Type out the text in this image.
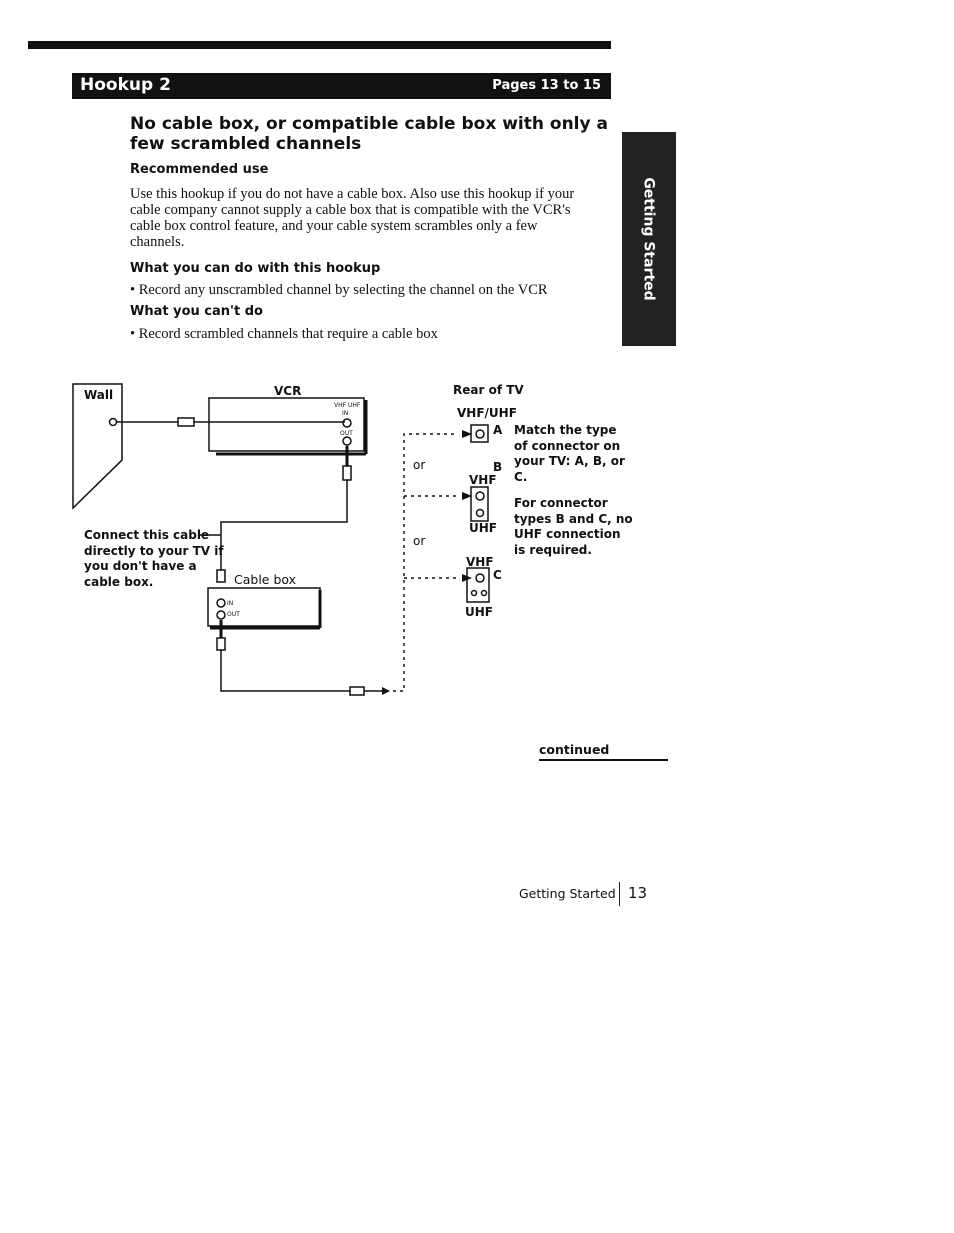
Hookup 2	Pages 13 to 15
Getting Started
No cable box, or compatible cable box with only a
few scrambled channels
Recommended use
Use this hookup if you do not have a cable box. Also use this hookup if your
cable company cannot supply a cable box that is compatible with the VCR's
cable box control feature, and your cable system scrambles only a few
channels.
What you can do with this hookup
• Record any unscrambled channel by selecting the channel on the VCR
What you can't do
• Record scrambled channels that require a cable box
Wall	VCR
IN
VHF UHF
OUT
Cable box
IN
OUT
Connect this cable
directly to your TV if
you don't have a
cable box.
Rear of TV
VHF/UHF
A
or
VHF
B
UHF
or
VHF
C
UHF
Match the type
of connector on
your TV: A, B, or
C.
For connector
types B and C, no
UHF connection
is required.
continued
Getting Started 13
